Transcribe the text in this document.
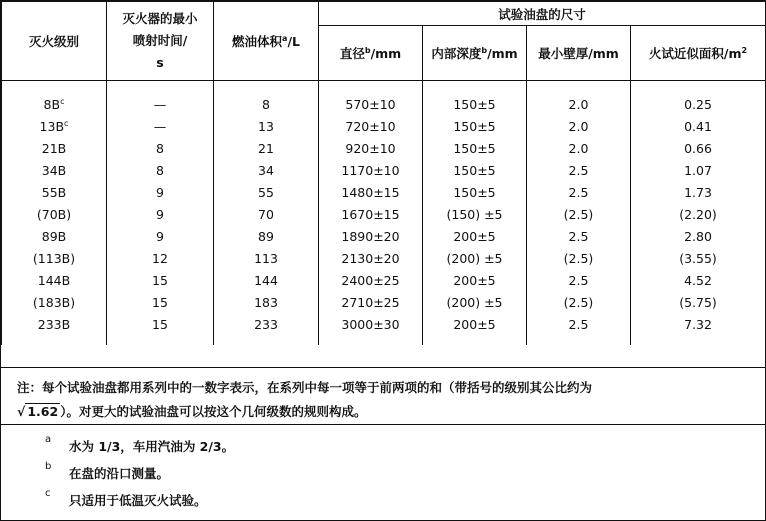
灭火级别	灭火器的最小
喷射时间/
s	燃油体积$^a$/L	试验油盘的尺寸			
			直径$^b$/mm	内部深度$^b$/mm	最小壁厚/mm	火试近似面积$/m^2$
$8B^c$	—	8	570±10	150±5	2.0	0.25
$13B^c$	—	13	720±10	150±5	2.0	0.41
21B	8	21	920±10	150±5	2.0	0.66
34B	8	34	1170±10	150±5	2.5	1.07
55B	9	55	1480±15	150±5	2.5	1.73
(70B)	9	70	1670±15	(150) ±5	(2.5)	(2.20)
89B	9	89	1890±20	200±5	2.5	2.80
(113B)	12	113	2130±20	(200) ±5	(2.5)	(3.55)
144B	15	144	2400±25	200±5	2.5	4.52
(183B)	15	183	2710±25	(200) ±5	(2.5)	(5.75)
233B	15	233	3000±30	200±5	2.5	7.32
注：每个试验油盘都用系列中的一数字表示，在系列中每一项等于前两项的和（带括号的级别其公比约为
√ 1.62 ）。对更大的试验油盘可以按这个几何级数的规则构成。
a 水为 1/3，车用汽油为 2/3。
b 在盘的沿口测量。
c 只适用于低温灭火试验。
